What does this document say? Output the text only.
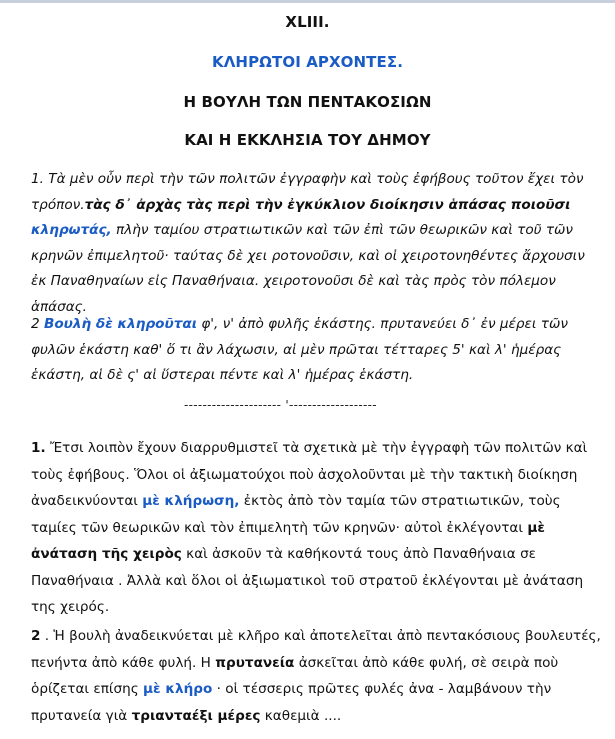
XLIII.
ΚΛΗΡΩΤΟΙ ΑΡΧΟΝΤΕΣ.
Η ΒΟΥΛΗ ΤΩΝ ΠΕΝΤΑΚΟΣΙΩΝ
ΚΑΙ Η ΕΚΚΛΗΣΙΑ ΤΟΥ ΔΗΜΟΥ

1. Τὰ μὲν οὖν περὶ τὴν τῶν πολιτῶν ἐγγραφὴν καὶ τοὺς ἐφήβους τοῦτον ἔχει τὸν τρόπον.τὰς δ᾽ ἀρχὰς τὰς περὶ τὴν ἐγκύκλιον διοίκησιν ἁπάσας ποιοῦσι κληρωτάς, πλὴν ταμίου στρατιωτικῶν καὶ τῶν ἐπὶ τῶν θεωρικῶν καὶ τοῦ τῶν κρηνῶν ἐπιμελητοῦ· ταύτας δὲ χει ροτονοῦσιν, καὶ οἱ χειροτονηθέντες ἄρχουσιν ἐκ Παναθηναίων εἰς Παναθήναια. χειροτονοῦσι δὲ καὶ τὰς πρὸς τὸν πόλεμον ἁπάσας.

2 Βουλὴ δὲ κληροῦται φ', ν' ἀπὸ φυλῆς ἑκάστης. πρυτανεύει δ᾽ ἐν μέρει τῶν φυλῶν ἑκάστη καθ' ὅ τι ἂν λάχωσιν, αἱ μὲν πρῶται τέτταρες 5' καὶ λ' ἡμέρας ἑκάστη, αἱ δὲ ς' αἱ ὕστεραι πέντε καὶ λ' ἡμέρας ἑκάστη.

--------------------- '-------------------

1. Ἔτσι λοιπὸν ἔχουν διαρρυθμιστεῖ τὰ σχετικὰ μὲ τὴν ἐγγραφὴ τῶν πολιτῶν καὶ τοὺς ἐφήβους. Ὅλοι οἱ ἀξιωματούχοι ποὺ ἀσχολοῦνται μὲ τὴν τακτικὴ διοίκηση ἀναδεικνύονται μὲ κλήρωση, ἐκτὸς ἀπὸ τὸν ταμία τῶν στρατιωτικῶν, τοὺς ταμίες τῶν θεωρικῶν καὶ τὸν ἐπιμελητὴ τῶν κρηνῶν· αὐτοὶ ἐκλέγονται μὲ ἀνάταση τῆς χειρὸς καὶ ἀσκοῦν τὰ καθήκοντά τους ἀπὸ Παναθήναια σε Παναθήναια . Ἀλλὰ καὶ ὅλοι οἱ ἀξιωματικοὶ τοῦ στρατοῦ ἐκλέγονται μὲ ἀνάταση της χειρός.

2 . Ἡ βουλὴ ἀναδεικνύεται μὲ κλῆρο καὶ ἀποτελεῖται ἀπὸ πεντακόσιους βουλευτές, πενήντα ἀπὸ κάθε φυλή. Η πρυτανεία ἀσκεῖται ἀπὸ κάθε φυλή, σὲ σειρὰ ποὺ ὁρίζεται επίσης μὲ κλήρο · οἱ τέσσερις πρῶτες φυλές ἀνα - λαμβάνουν τὴν πρυτανεία γιὰ τριανταέξι μέρες καθεμιὰ ....
